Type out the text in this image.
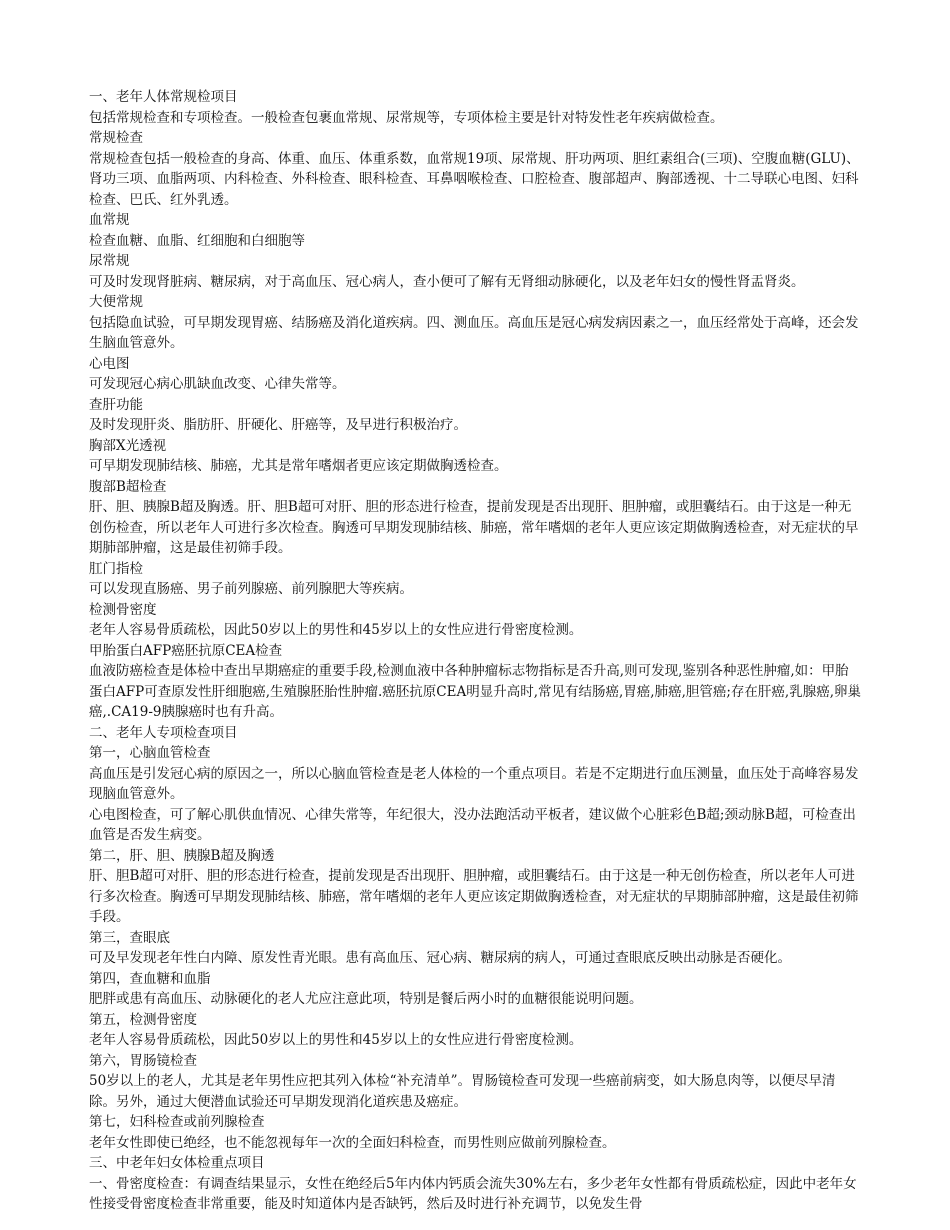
一、老年人体常规检项目

包括常规检查和专项检查。一般检查包裹血常规、尿常规等，专项体检主要是针对特发性老年疾病做检查。

常规检查

常规检查包括一般检查的身高、体重、血压、体重系数，血常规19项、尿常规、肝功两项、胆红素组合(三项)、空腹血糖(GLU)、肾功三项、血脂两项、内科检查、外科检查、眼科检查、耳鼻咽喉检查、口腔检查、腹部超声、胸部透视、十二导联心电图、妇科检查、巴氏、红外乳透。

血常规

检查血糖、血脂、红细胞和白细胞等

尿常规

可及时发现肾脏病、糖尿病，对于高血压、冠心病人，查小便可了解有无肾细动脉硬化，以及老年妇女的慢性肾盂肾炎。

大便常规

包括隐血试验，可早期发现胃癌、结肠癌及消化道疾病。四、测血压。高血压是冠心病发病因素之一，血压经常处于高峰，还会发生脑血管意外。

心电图

可发现冠心病心肌缺血改变、心律失常等。

查肝功能

及时发现肝炎、脂肪肝、肝硬化、肝癌等，及早进行积极治疗。

胸部X光透视

可早期发现肺结核、肺癌，尤其是常年嗜烟者更应该定期做胸透检查。

腹部B超检查

肝、胆、胰腺B超及胸透。肝、胆B超可对肝、胆的形态进行检查，提前发现是否出现肝、胆肿瘤，或胆囊结石。由于这是一种无创伤检查，所以老年人可进行多次检查。胸透可早期发现肺结核、肺癌，常年嗜烟的老年人更应该定期做胸透检查，对无症状的早期肺部肿瘤，这是最佳初筛手段。

肛门指检

可以发现直肠癌、男子前列腺癌、前列腺肥大等疾病。

检测骨密度

老年人容易骨质疏松，因此50岁以上的男性和45岁以上的女性应进行骨密度检测。

甲胎蛋白AFP癌胚抗原CEA检查

血液防癌检查是体检中查出早期癌症的重要手段,检测血液中各种肿瘤标志物指标是否升高,则可发现,鉴别各种恶性肿瘤,如：甲胎蛋白AFP可查原发性肝细胞癌,生殖腺胚胎性肿瘤.癌胚抗原CEA明显升高时,常见有结肠癌,胃癌,肺癌,胆管癌;存在肝癌,乳腺癌,卵巢癌,.CA19-9胰腺癌时也有升高。

二、老年人专项检查项目

第一，心脑血管检查

高血压是引发冠心病的原因之一，所以心脑血管检查是老人体检的一个重点项目。若是不定期进行血压测量，血压处于高峰容易发现脑血管意外。

心电图检查，可了解心肌供血情况、心律失常等，年纪很大，没办法跑活动平板者，建议做个心脏彩色B超;颈动脉B超，可检查出血管是否发生病变。

第二，肝、胆、胰腺B超及胸透

肝、胆B超可对肝、胆的形态进行检查，提前发现是否出现肝、胆肿瘤，或胆囊结石。由于这是一种无创伤检查，所以老年人可进行多次检查。胸透可早期发现肺结核、肺癌，常年嗜烟的老年人更应该定期做胸透检查，对无症状的早期肺部肿瘤，这是最佳初筛手段。

第三，查眼底

可及早发现老年性白内障、原发性青光眼。患有高血压、冠心病、糖尿病的病人，可通过查眼底反映出动脉是否硬化。

第四，查血糖和血脂

肥胖或患有高血压、动脉硬化的老人尤应注意此项，特别是餐后两小时的血糖很能说明问题。

第五，检测骨密度

老年人容易骨质疏松，因此50岁以上的男性和45岁以上的女性应进行骨密度检测。

第六，胃肠镜检查

50岁以上的老人，尤其是老年男性应把其列入体检“补充清单”。胃肠镜检查可发现一些癌前病变，如大肠息肉等，以便尽早清除。另外，通过大便潜血试验还可早期发现消化道疾患及癌症。

第七，妇科检查或前列腺检查

老年女性即使已绝经，也不能忽视每年一次的全面妇科检查，而男性则应做前列腺检查。

三、中老年妇女体检重点项目

一、骨密度检查：有调查结果显示，女性在绝经后5年内体内钙质会流失30%左右，多少老年女性都有骨质疏松症，因此中老年女性接受骨密度检查非常重要，能及时知道体内是否缺钙，然后及时进行补充调节，以免发生骨
